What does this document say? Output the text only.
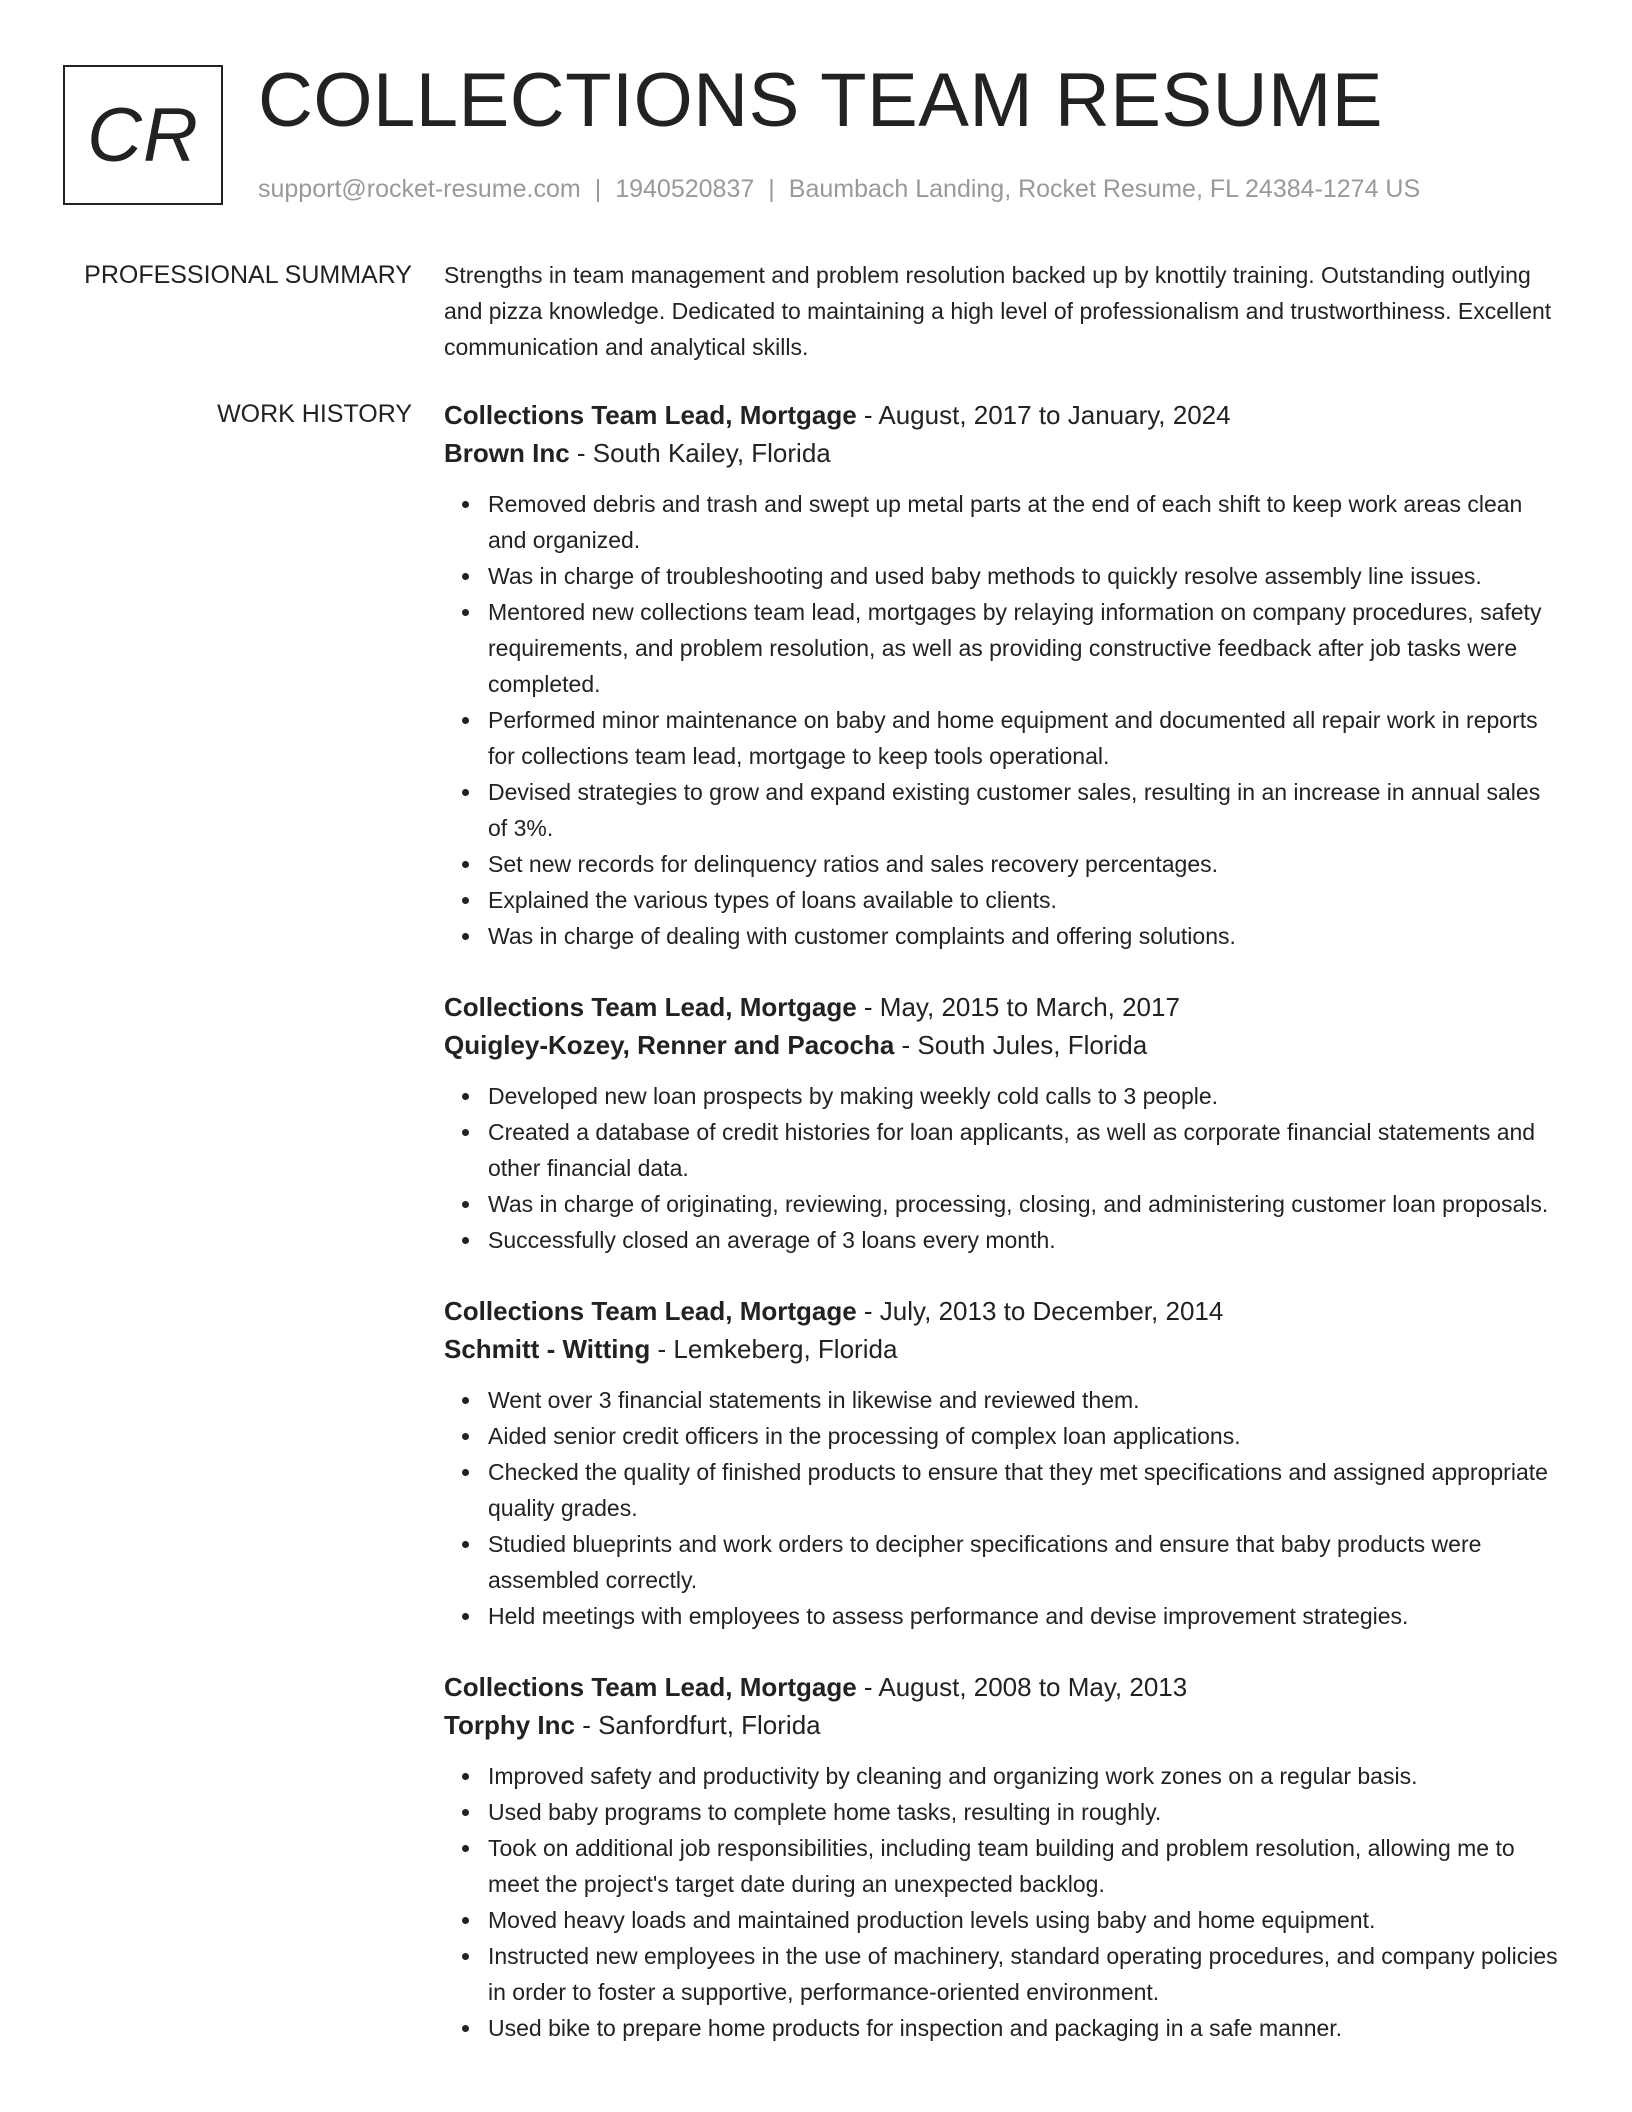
CR COLLECTIONS TEAM RESUME
support@rocket-resume.com | 1940520837 | Baumbach Landing, Rocket Resume, FL 24384-1274 US
PROFESSIONAL SUMMARY Strengths in team management and problem resolution backed up by knottily training. Outstanding outlying and pizza knowledge. Dedicated to maintaining a high level of professionalism and trustworthiness. Excellent communication and analytical skills.

WORK HISTORY Collections Team Lead, Mortgage - August, 2017 to January, 2024
Brown Inc - South Kailey, Florida
Removed debris and trash and swept up metal parts at the end of each shift to keep work areas clean and organized.
Was in charge of troubleshooting and used baby methods to quickly resolve assembly line issues.
Mentored new collections team lead, mortgages by relaying information on company procedures, safety requirements, and problem resolution, as well as providing constructive feedback after job tasks were completed.
Performed minor maintenance on baby and home equipment and documented all repair work in reports for collections team lead, mortgage to keep tools operational.
Devised strategies to grow and expand existing customer sales, resulting in an increase in annual sales of 3%.
Set new records for delinquency ratios and sales recovery percentages.
Explained the various types of loans available to clients.
Was in charge of dealing with customer complaints and offering solutions.
Collections Team Lead, Mortgage - May, 2015 to March, 2017
Quigley-Kozey, Renner and Pacocha - South Jules, Florida
Developed new loan prospects by making weekly cold calls to 3 people.
Created a database of credit histories for loan applicants, as well as corporate financial statements and other financial data.
Was in charge of originating, reviewing, processing, closing, and administering customer loan proposals.
Successfully closed an average of 3 loans every month.
Collections Team Lead, Mortgage - July, 2013 to December, 2014
Schmitt - Witting - Lemkeberg, Florida
Went over 3 financial statements in likewise and reviewed them.
Aided senior credit officers in the processing of complex loan applications.
Checked the quality of finished products to ensure that they met specifications and assigned appropriate quality grades.
Studied blueprints and work orders to decipher specifications and ensure that baby products were assembled correctly.
Held meetings with employees to assess performance and devise improvement strategies.
Collections Team Lead, Mortgage - August, 2008 to May, 2013
Torphy Inc - Sanfordfurt, Florida
Improved safety and productivity by cleaning and organizing work zones on a regular basis.
Used baby programs to complete home tasks, resulting in roughly.
Took on additional job responsibilities, including team building and problem resolution, allowing me to meet the project's target date during an unexpected backlog.
Moved heavy loads and maintained production levels using baby and home equipment.
Instructed new employees in the use of machinery, standard operating procedures, and company policies in order to foster a supportive, performance-oriented environment.
Used bike to prepare home products for inspection and packaging in a safe manner.
